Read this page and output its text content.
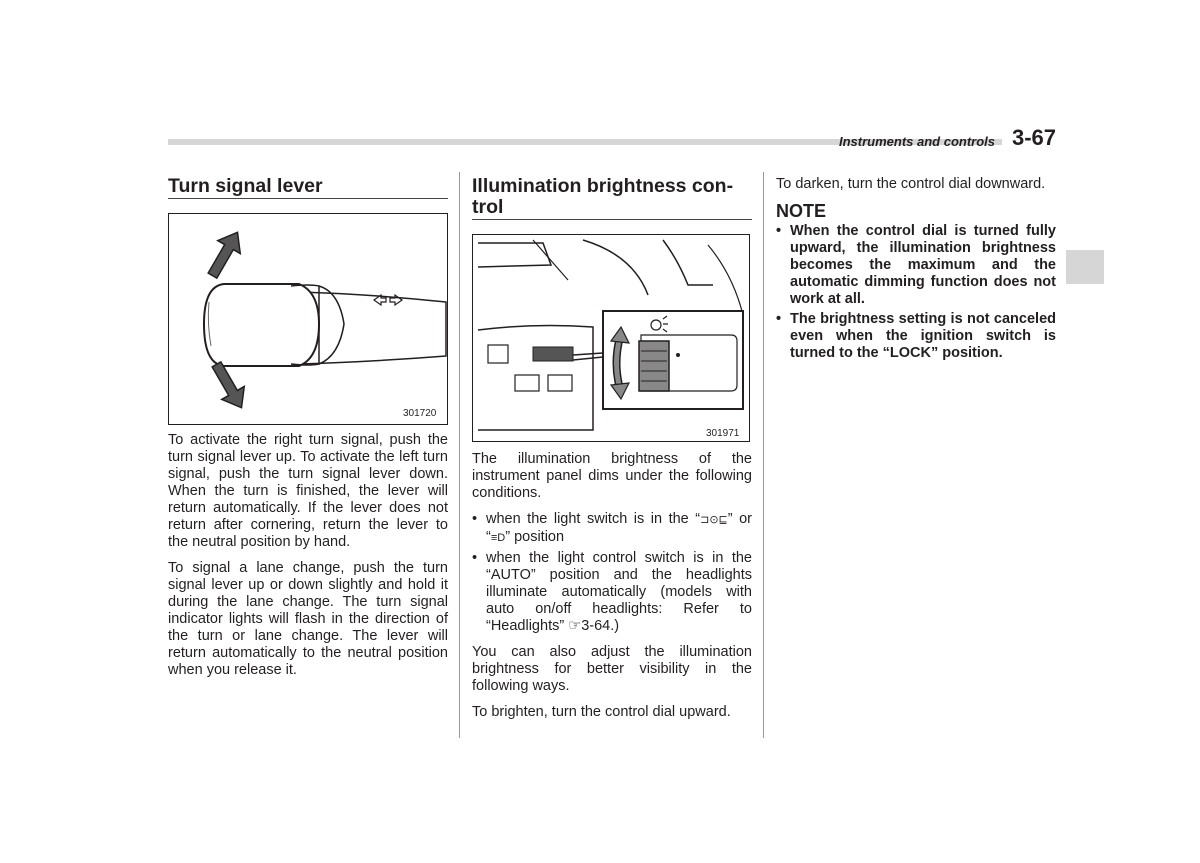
Instruments and controls 3-67
Turn signal lever
301720

To activate the right turn signal, push the turn signal lever up. To activate the left turn signal, push the turn signal lever down. When the turn is finished, the lever will return automatically. If the lever does not return after cornering, return the lever to the neutral position by hand.

To signal a lane change, push the turn signal lever up or down slightly and hold it during the lane change. The turn signal indicator lights will flash in the direction of the turn or lane change. The lever will return automatically to the neutral position when you release it.

Illumination brightness con-trol
301971

The illumination brightness of the instrument panel dims under the following conditions.

• when the light switch is in the “⊐⊙⊑” or “≡D” position
• when the light control switch is in the “AUTO” position and the headlights illuminate automatically (models with auto on/off headlights: Refer to “Headlights” ☞3-64.)

You can also adjust the illumination brightness for better visibility in the following ways.

To brighten, turn the control dial upward.

To darken, turn the control dial downward.

NOTE
• When the control dial is turned fully upward, the illumination brightness becomes the maximum and the automatic dimming function does not work at all.
• The brightness setting is not canceled even when the ignition switch is turned to the “LOCK” position.
